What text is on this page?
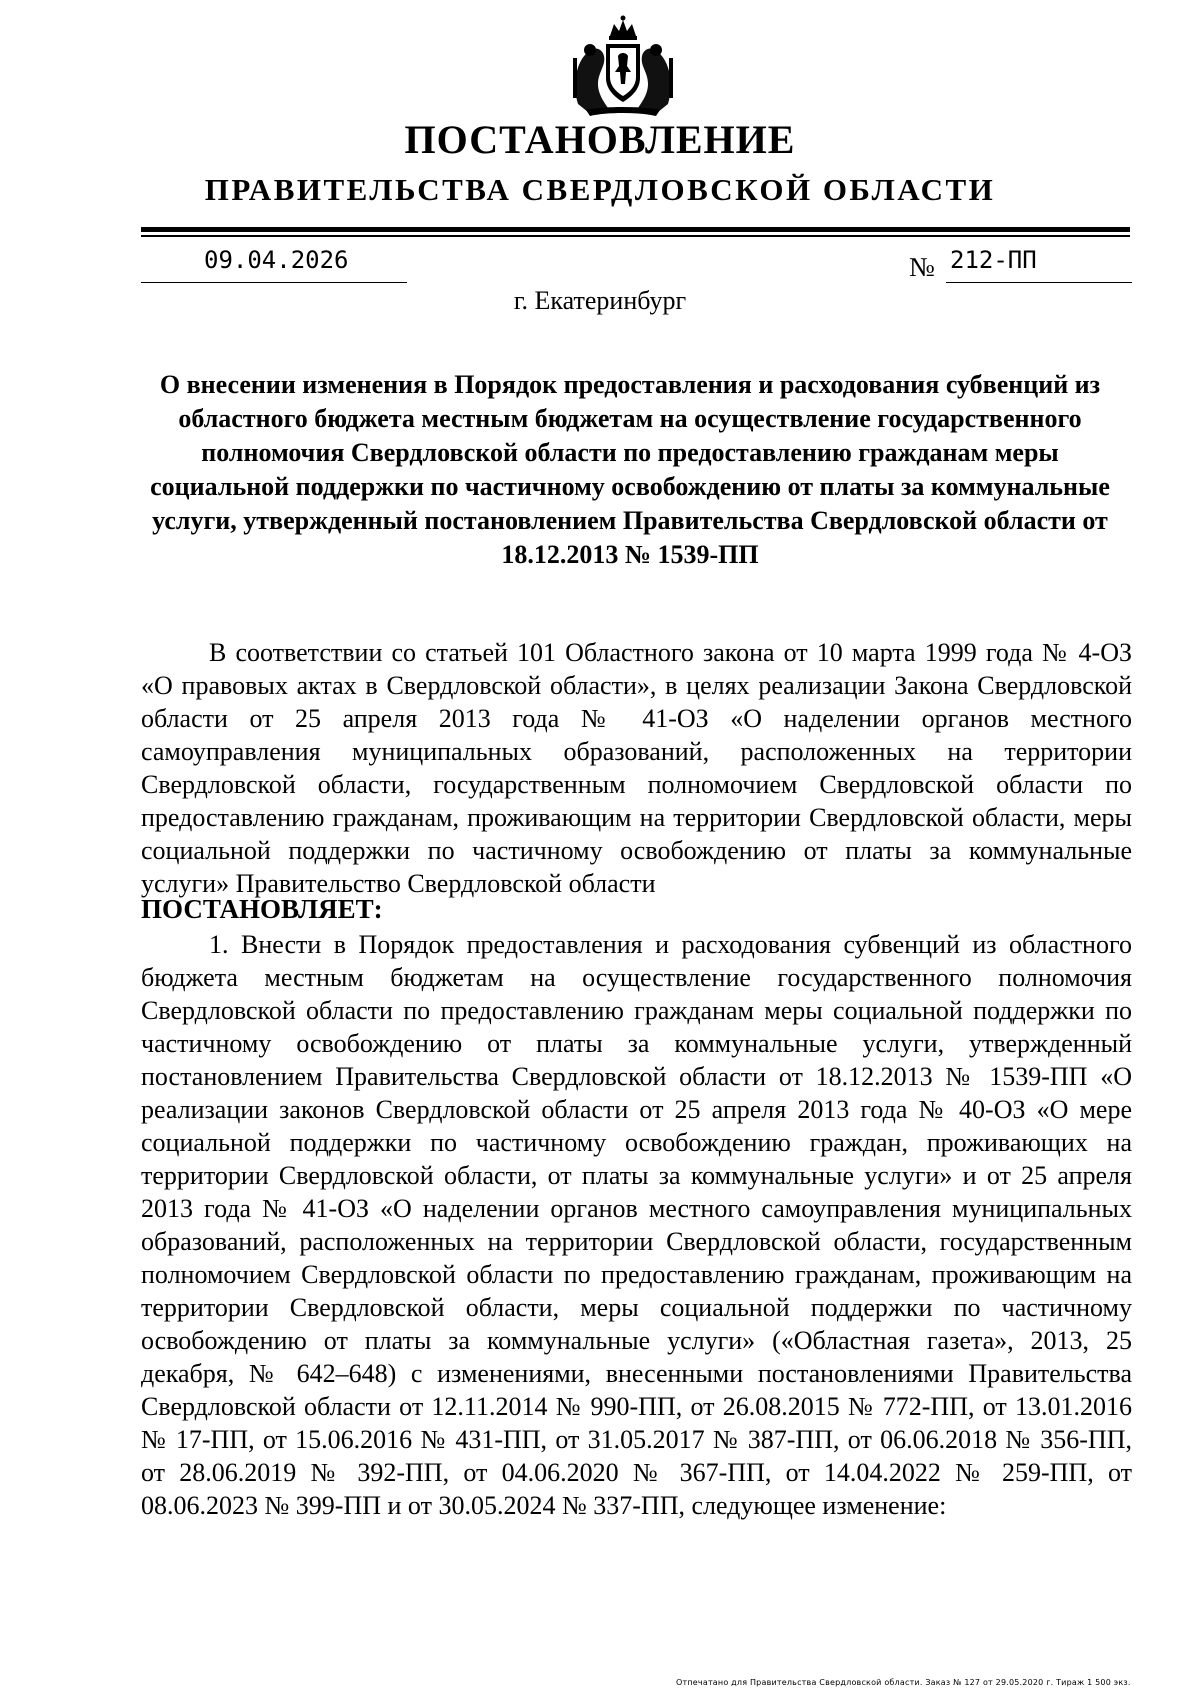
ПОСТАНОВЛЕНИЕ
ПРАВИТЕЛЬСТВА СВЕРДЛОВСКОЙ ОБЛАСТИ
09.04.2026	№ 212-ПП
г. Екатеринбург

О внесении изменения в Порядок предоставления и расходования субвенций из областного бюджета местным бюджетам на осуществление государственного полномочия Свердловской области по предоставлению гражданам меры социальной поддержки по частичному освобождению от платы за коммунальные услуги, утвержденный постановлением Правительства Свердловской области от 18.12.2013 № 1539-ПП

В соответствии со статьей 101 Областного закона от 10 марта 1999 года № 4-ОЗ «О правовых актах в Свердловской области», в целях реализации Закона Свердловской области от 25 апреля 2013 года № 41-ОЗ «О наделении органов местного самоуправления муниципальных образований, расположенных на территории Свердловской области, государственным полномочием Свердловской области по предоставлению гражданам, проживающим на территории Свердловской области, меры социальной поддержки по частичному освобождению от платы за коммунальные услуги» Правительство Свердловской области

ПОСТАНОВЛЯЕТ:

1. Внести в Порядок предоставления и расходования субвенций из областного бюджета местным бюджетам на осуществление государственного полномочия Свердловской области по предоставлению гражданам меры социальной поддержки по частичному освобождению от платы за коммунальные услуги, утвержденный постановлением Правительства Свердловской области от 18.12.2013 № 1539-ПП «О реализации законов Свердловской области от 25 апреля 2013 года № 40-ОЗ «О мере социальной поддержки по частичному освобождению граждан, проживающих на территории Свердловской области, от платы за коммунальные услуги» и от 25 апреля 2013 года № 41-ОЗ «О наделении органов местного самоуправления муниципальных образований, расположенных на территории Свердловской области, государственным полномочием Свердловской области по предоставлению гражданам, проживающим на территории Свердловской области, меры социальной поддержки по частичному освобождению от платы за коммунальные услуги» («Областная газета», 2013, 25 декабря, № 642–648) с изменениями, внесенными постановлениями Правительства Свердловской области от 12.11.2014 № 990-ПП, от 26.08.2015 № 772-ПП, от 13.01.2016 № 17-ПП, от 15.06.2016 № 431-ПП, от 31.05.2017 № 387-ПП, от 06.06.2018 № 356-ПП, от 28.06.2019 № 392-ПП, от 04.06.2020 № 367-ПП, от 14.04.2022 № 259-ПП, от 08.06.2023 № 399-ПП и от 30.05.2024 № 337-ПП, следующее изменение:

Отпечатано для Правительства Свердловской области. Заказ № 127 от 29.05.2020 г. Тираж 1 500 экз.
